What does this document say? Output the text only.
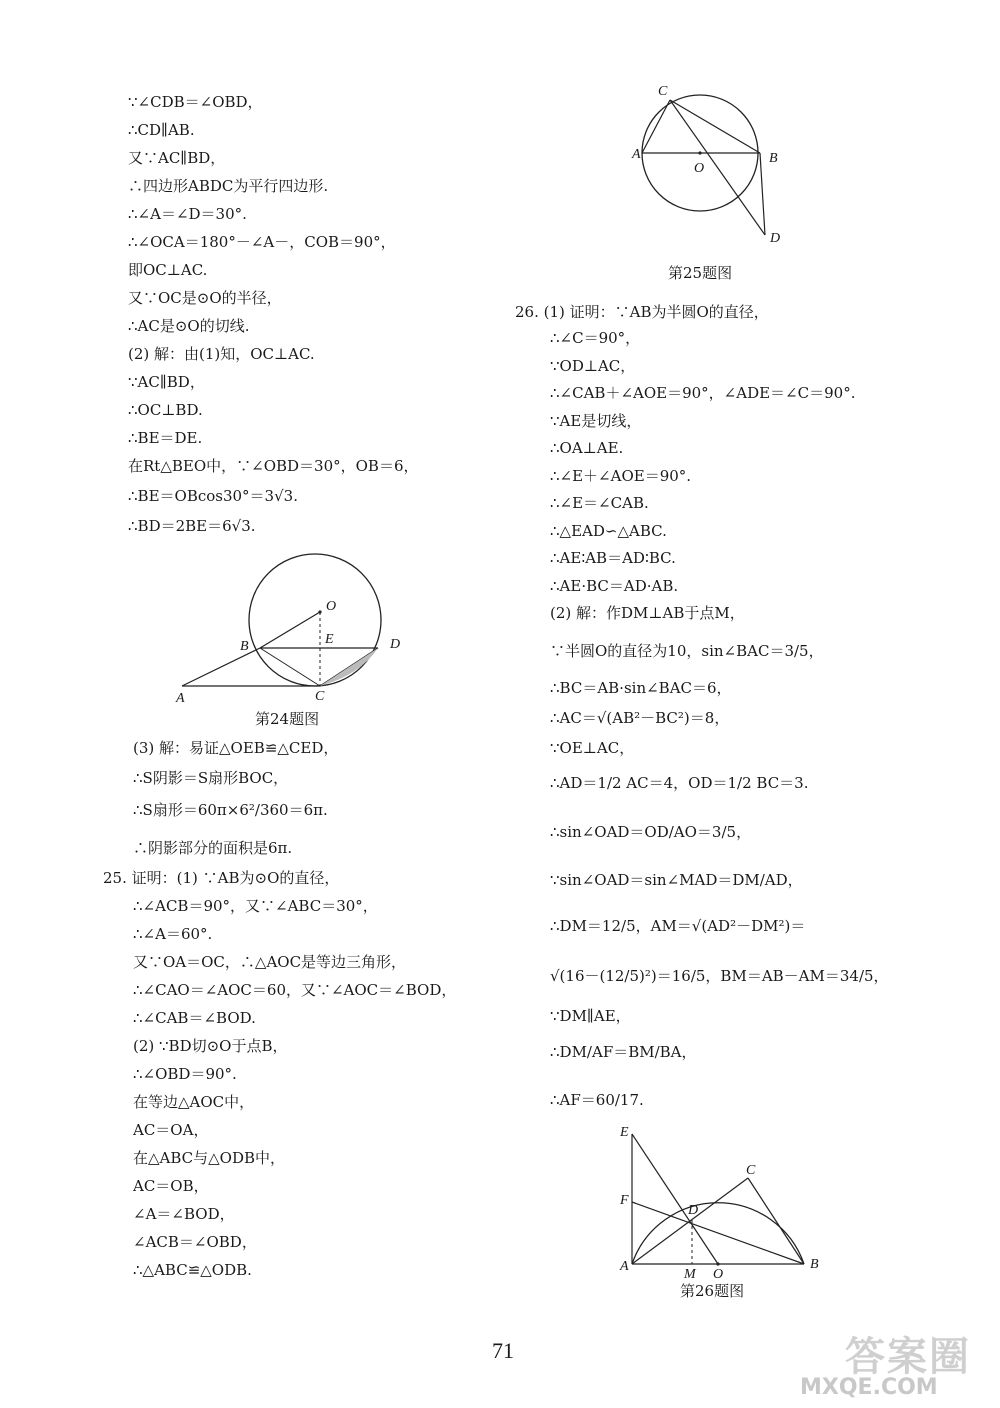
∵∠CDB＝∠OBD，
∴CD∥AB.
又∵AC∥BD，
∴四边形ABDC为平行四边形.
∴∠A＝∠D＝30°.
∴∠OCA＝180°－∠A－，COB＝90°，
即OC⊥AC.
又∵OC是⊙O的半径，
∴AC是⊙O的切线.
(2) 解：由(1)知，OC⊥AC.
∵AC∥BD，
∴OC⊥BD.
∴BE＝DE.
在Rt△BEO中，∵∠OBD＝30°，OB＝6，
∴BE＝OBcos30°＝3√3.
∴BD＝2BE＝6√3.
O
B	E	D
A	C
第24题图
(3) 解：易证△OEB≌△CED，
∴S阴影＝S扇形BOC，
∴S扇形＝60π×6²/360＝6π.
∴阴影部分的面积是6π.
25. 证明：(1) ∵AB为⊙O的直径，
∴∠ACB＝90°，又∵∠ABC＝30°，
∴∠A＝60°.
又∵OA＝OC，∴△AOC是等边三角形，
∴∠CAO＝∠AOC＝60，又∵∠AOC＝∠BOD，
∴∠CAB＝∠BOD.
(2) ∵BD切⊙O于点B，
∴∠OBD＝90°.
在等边△AOC中，
AC＝OA，
在△ABC与△ODB中，
AC＝OB，
∠A＝∠BOD，
∠ACB＝∠OBD，
∴△ABC≌△ODB.
C
A
O
B
D
第25题图
26. (1) 证明：∵AB为半圆O的直径，
∴∠C＝90°，
∵OD⊥AC，
∴∠CAB＋∠AOE＝90°，∠ADE＝∠C＝90°.
∵AE是切线，
∴OA⊥AE.
∴∠E＋∠AOE＝90°.
∴∠E＝∠CAB.
∴△EAD∽△ABC.
∴AE∶AB＝AD∶BC.
∴AE·BC＝AD·AB.
(2) 解：作DM⊥AB于点M，
∵半圆O的直径为10，sin∠BAC＝3/5，
∴BC＝AB·sin∠BAC＝6，
∴AC＝√(AB²－BC²)＝8，
∵OE⊥AC，
∴AD＝1/2 AC＝4，OD＝1/2 BC＝3.
∴sin∠OAD＝OD/AO＝3/5，
∵sin∠OAD＝sin∠MAD＝DM/AD，
∴DM＝12/5，AM＝√(AD²－DM²)＝
√(16－(12/5)²)＝16/5，BM＝AB－AM＝34/5，
∵DM∥AE，
∴DM/AF＝BM/BA，
∴AF＝60/17.
E
C
F
D
A
M O
B
第26题图
71	答案圈
MXQE.COM
